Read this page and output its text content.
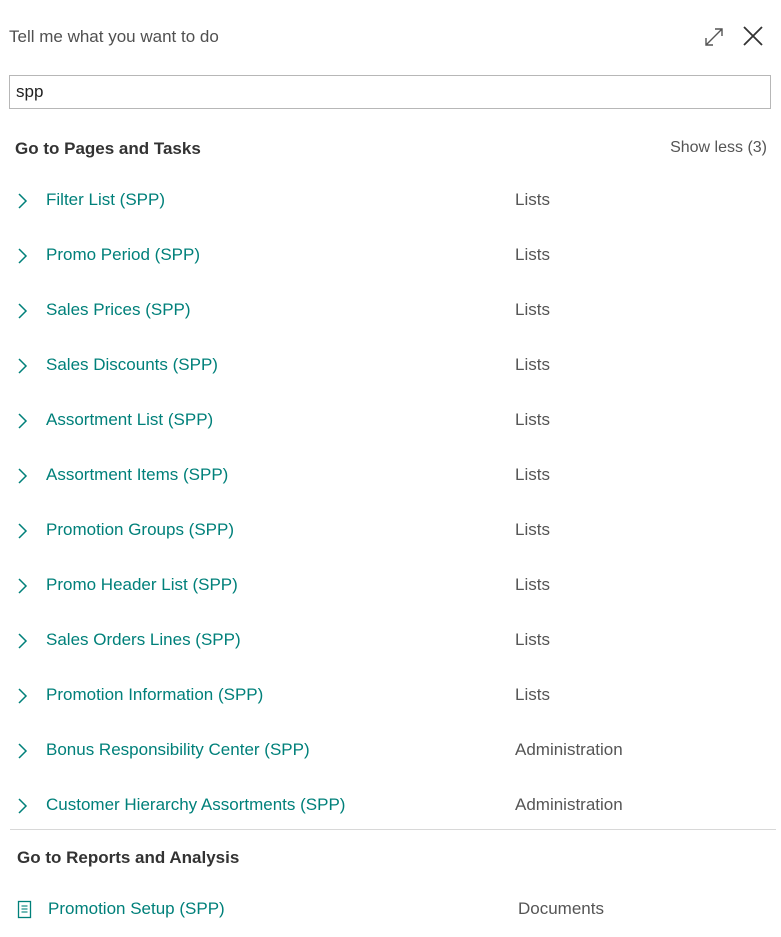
Tell me what you want to do
spp
Go to Pages and Tasks	Show less (3)
Filter List (SPP)	Lists
Promo Period (SPP)	Lists
Sales Prices (SPP)	Lists
Sales Discounts (SPP)	Lists
Assortment List (SPP)	Lists
Assortment Items (SPP)	Lists
Promotion Groups (SPP)	Lists
Promo Header List (SPP)	Lists
Sales Orders Lines (SPP)	Lists
Promotion Information (SPP)	Lists
Bonus Responsibility Center (SPP)	Administration
Customer Hierarchy Assortments (SPP)	Administration
Go to Reports and Analysis
Promotion Setup (SPP)	Documents
